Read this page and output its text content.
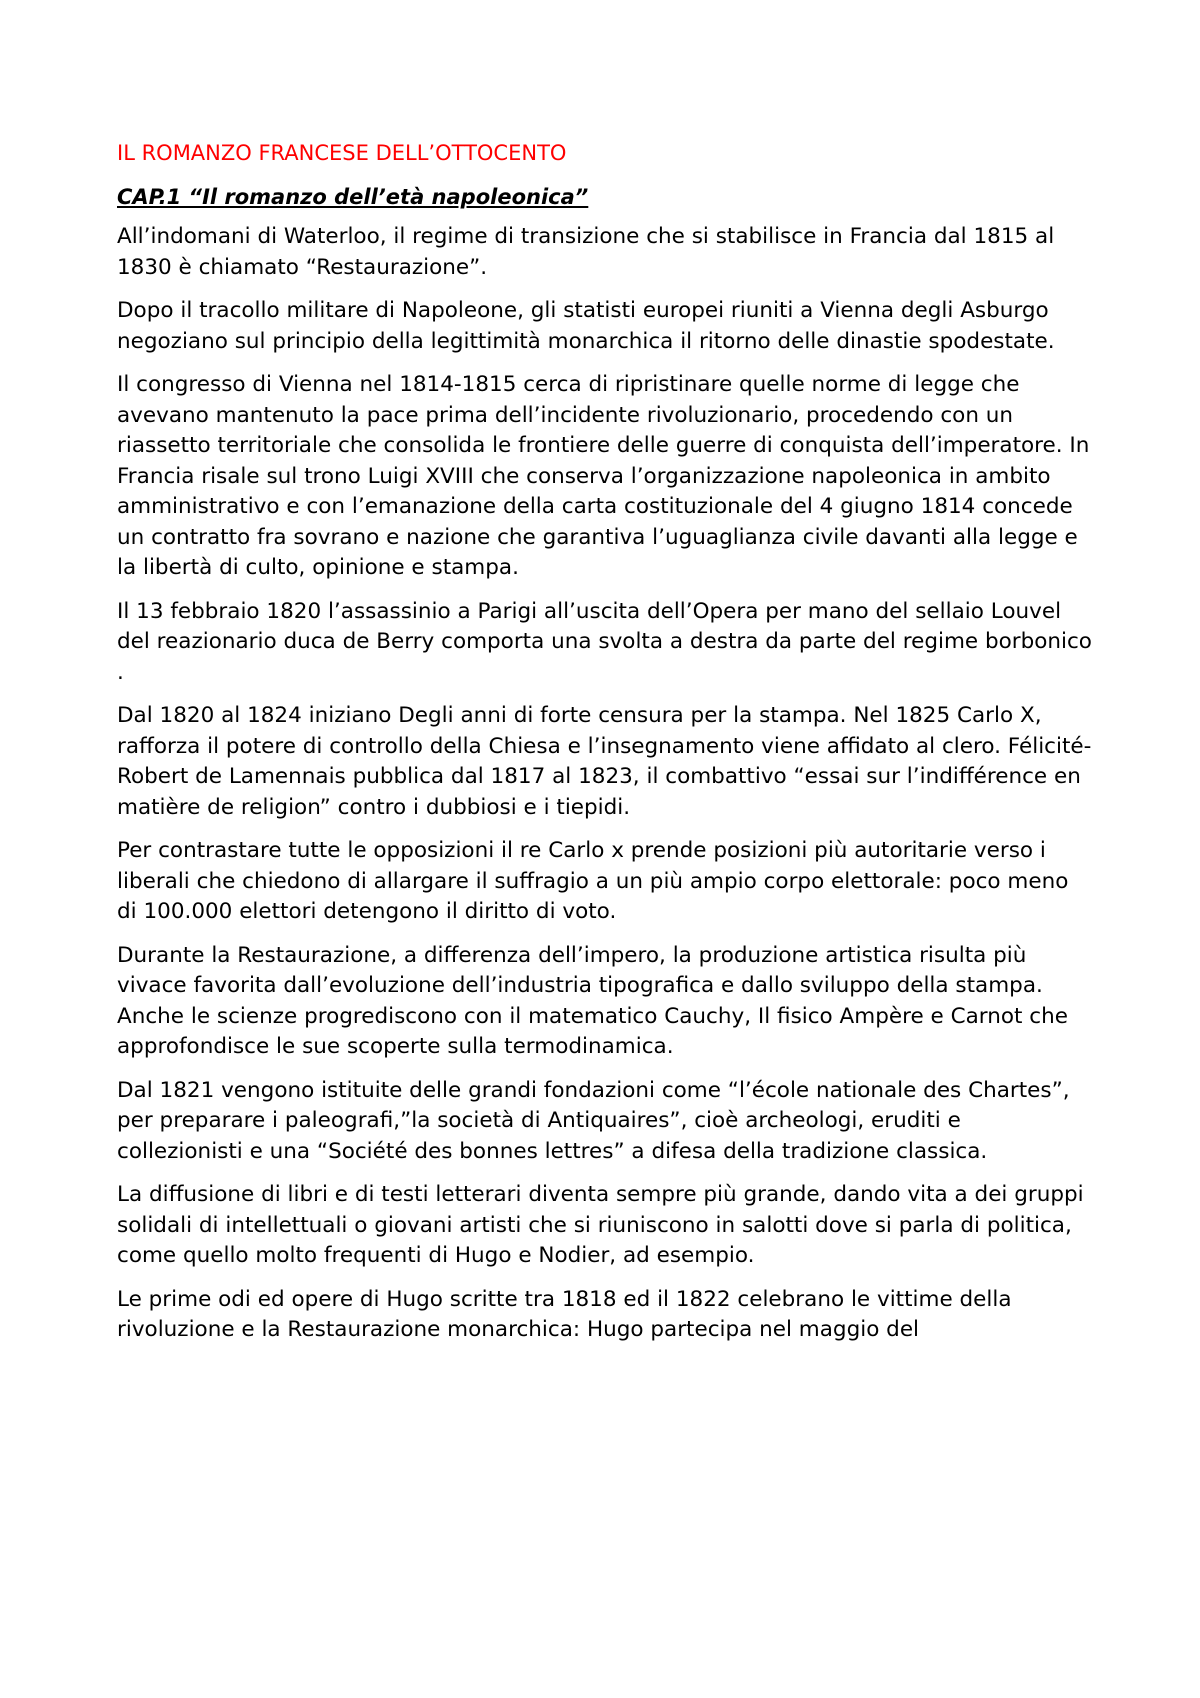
IL ROMANZO FRANCESE DELL’OTTOCENTO
CAP.1 “Il romanzo dell’età napoleonica”

All’indomani di Waterloo, il regime di transizione che si stabilisce in Francia dal 1815 al 1830 è chiamato “Restaurazione”.

Dopo il tracollo militare di Napoleone, gli statisti europei riuniti a Vienna degli Asburgo negoziano sul principio della legittimità monarchica il ritorno delle dinastie spodestate.

Il congresso di Vienna nel 1814-1815 cerca di ripristinare quelle norme di legge che avevano mantenuto la pace prima dell’incidente rivoluzionario, procedendo con un riassetto territoriale che consolida le frontiere delle guerre di conquista dell’imperatore. In Francia risale sul trono Luigi XVIII che conserva l’organizzazione napoleonica in ambito amministrativo e con l’emanazione della carta costituzionale del 4 giugno 1814 concede un contratto fra sovrano e nazione che garantiva l’uguaglianza civile davanti alla legge e la libertà di culto, opinione e stampa.

Il 13 febbraio 1820 l’assassinio a Parigi all’uscita dell’Opera per mano del sellaio Louvel del reazionario duca de Berry comporta una svolta a destra da parte del regime borbonico .

Dal 1820 al 1824 iniziano Degli anni di forte censura per la stampa. Nel 1825 Carlo X, rafforza il potere di controllo della Chiesa e l’insegnamento viene affidato al clero. Félicité-Robert de Lamennais pubblica dal 1817 al 1823, il combattivo “essai sur l’indifférence en matière de religion” contro i dubbiosi e i tiepidi.

Per contrastare tutte le opposizioni il re Carlo x prende posizioni più autoritarie verso i liberali che chiedono di allargare il suffragio a un più ampio corpo elettorale: poco meno di 100.000 elettori detengono il diritto di voto.

Durante la Restaurazione, a differenza dell’impero, la produzione artistica risulta più vivace favorita dall’evoluzione dell’industria tipografica e dallo sviluppo della stampa. Anche le scienze progrediscono con il matematico Cauchy, Il fisico Ampère e Carnot che approfondisce le sue scoperte sulla termodinamica.

Dal 1821 vengono istituite delle grandi fondazioni come “l’école nationale des Chartes”, per preparare i paleografi,”la società di Antiquaires”, cioè archeologi, eruditi e collezionisti e una “Société des bonnes lettres” a difesa della tradizione classica.

La diffusione di libri e di testi letterari diventa sempre più grande, dando vita a dei gruppi solidali di intellettuali o giovani artisti che si riuniscono in salotti dove si parla di politica, come quello molto frequenti di Hugo e Nodier, ad esempio.

Le prime odi ed opere di Hugo scritte tra 1818 ed il 1822 celebrano le vittime della rivoluzione e la Restaurazione monarchica: Hugo partecipa nel maggio del
